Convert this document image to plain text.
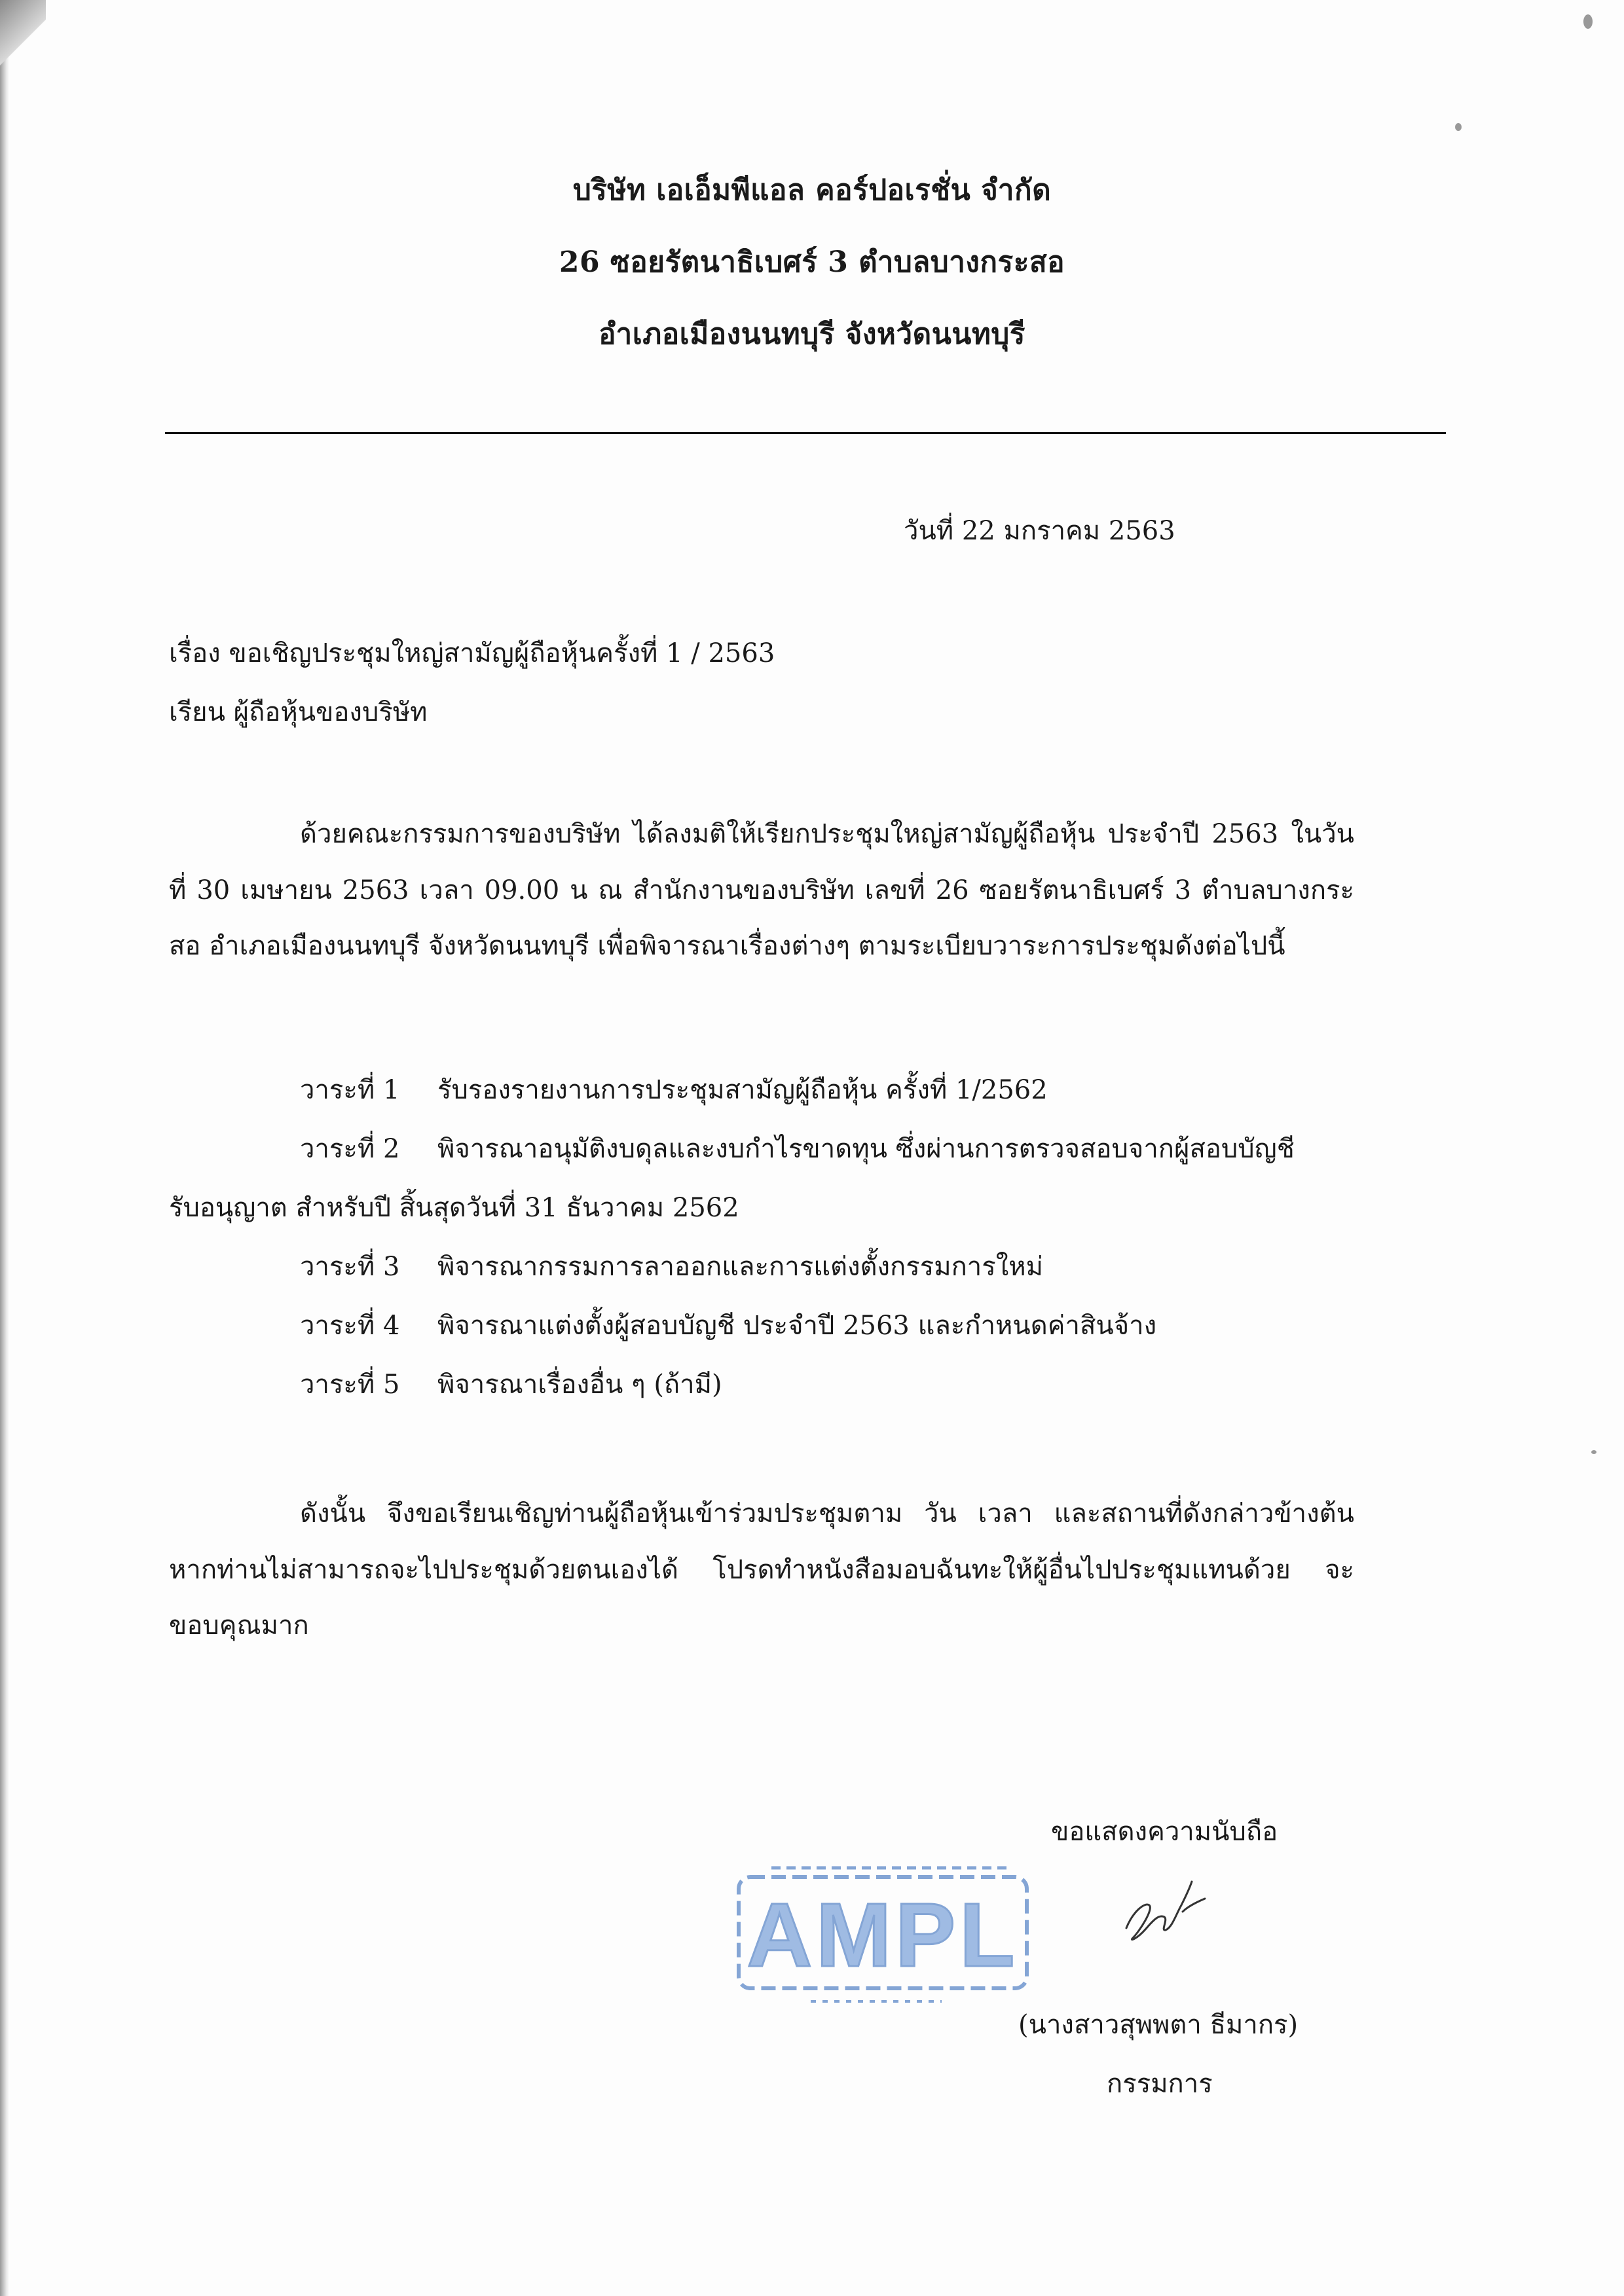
บริษัท เอเอ็มพีแอล คอร์ปอเรชั่น จำกัด
26 ซอยรัตนาธิเบศร์ 3 ตำบลบางกระสอ
อำเภอเมืองนนทบุรี จังหวัดนนทบุรี
วันที่ 22 มกราคม 2563
เรื่อง ขอเชิญประชุมใหญ่สามัญผู้ถือหุ้นครั้งที่ 1 / 2563
เรียน ผู้ถือหุ้นของบริษัท

ด้วยคณะกรรมการของบริษัท ได้ลงมติให้เรียกประชุมใหญ่สามัญผู้ถือหุ้น ประจำปี 2563 ในวันที่ 30 เมษายน 2563 เวลา 09.00 น ณ สำนักงานของบริษัท เลขที่ 26 ซอยรัตนาธิเบศร์ 3 ตำบลบางกระสอ อำเภอเมืองนนทบุรี จังหวัดนนทบุรี เพื่อพิจารณาเรื่องต่างๆ ตามระเบียบวาระการประชุมดังต่อไปนี้

วาระที่ 1 รับรองรายงานการประชุมสามัญผู้ถือหุ้น ครั้งที่ 1/2562
วาระที่ 2 พิจารณาอนุมัติงบดุลและงบกำไรขาดทุน ซึ่งผ่านการตรวจสอบจากผู้สอบบัญชี
รับอนุญาต สำหรับปี สิ้นสุดวันที่ 31 ธันวาคม 2562
วาระที่ 3 พิจารณากรรมการลาออกและการแต่งตั้งกรรมการใหม่
วาระที่ 4 พิจารณาแต่งตั้งผู้สอบบัญชี ประจำปี 2563 และกำหนดค่าสินจ้าง
วาระที่ 5 พิจารณาเรื่องอื่น ๆ (ถ้ามี)

ดังนั้น จึงขอเรียนเชิญท่านผู้ถือหุ้นเข้าร่วมประชุมตาม วัน เวลา และสถานที่ดังกล่าวข้างต้น หากท่านไม่สามารถจะไปประชุมด้วยตนเองได้ โปรดทำหนังสือมอบฉันทะให้ผู้อื่นไปประชุมแทนด้วย จะขอบคุณมาก

ขอแสดงความนับถือ
AMPL
(นางสาวสุพพตา ธีมากร)
กรรมการ
